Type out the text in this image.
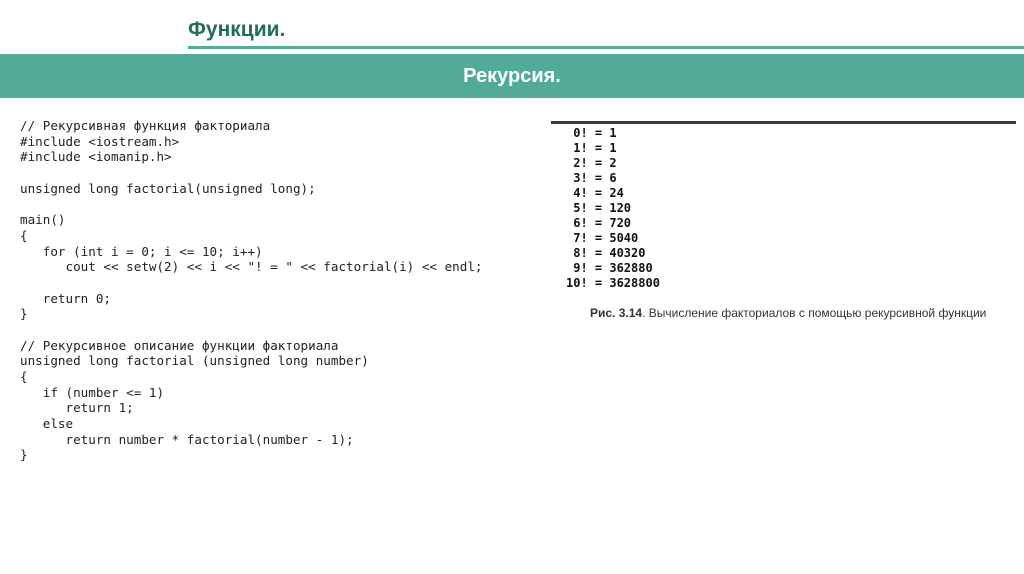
Функции.
Рекурсия.
// Рекурсивная функция факториала
#include <iostream.h>
#include <iomanip.h>
unsigned long factorial(unsigned long);
main()
{
for (int i = 0; i <= 10; i++)
cout << setw(2) << i << "! = " << factorial(i) << endl;
return 0;
}
// Рекурсивное описание функции факториала
unsigned long factorial (unsigned long number)
{
if (number <= 1)
return 1;
else
return number * factorial(number - 1);
}
0! = 1
1! = 1
2! = 2
3! = 6
4! = 24
5! = 120
6! = 720
7! = 5040
8! = 40320
9! = 362880
10! = 3628800
Рис. 3.14. Вычисление факториалов с помощью рекурсивной функции
